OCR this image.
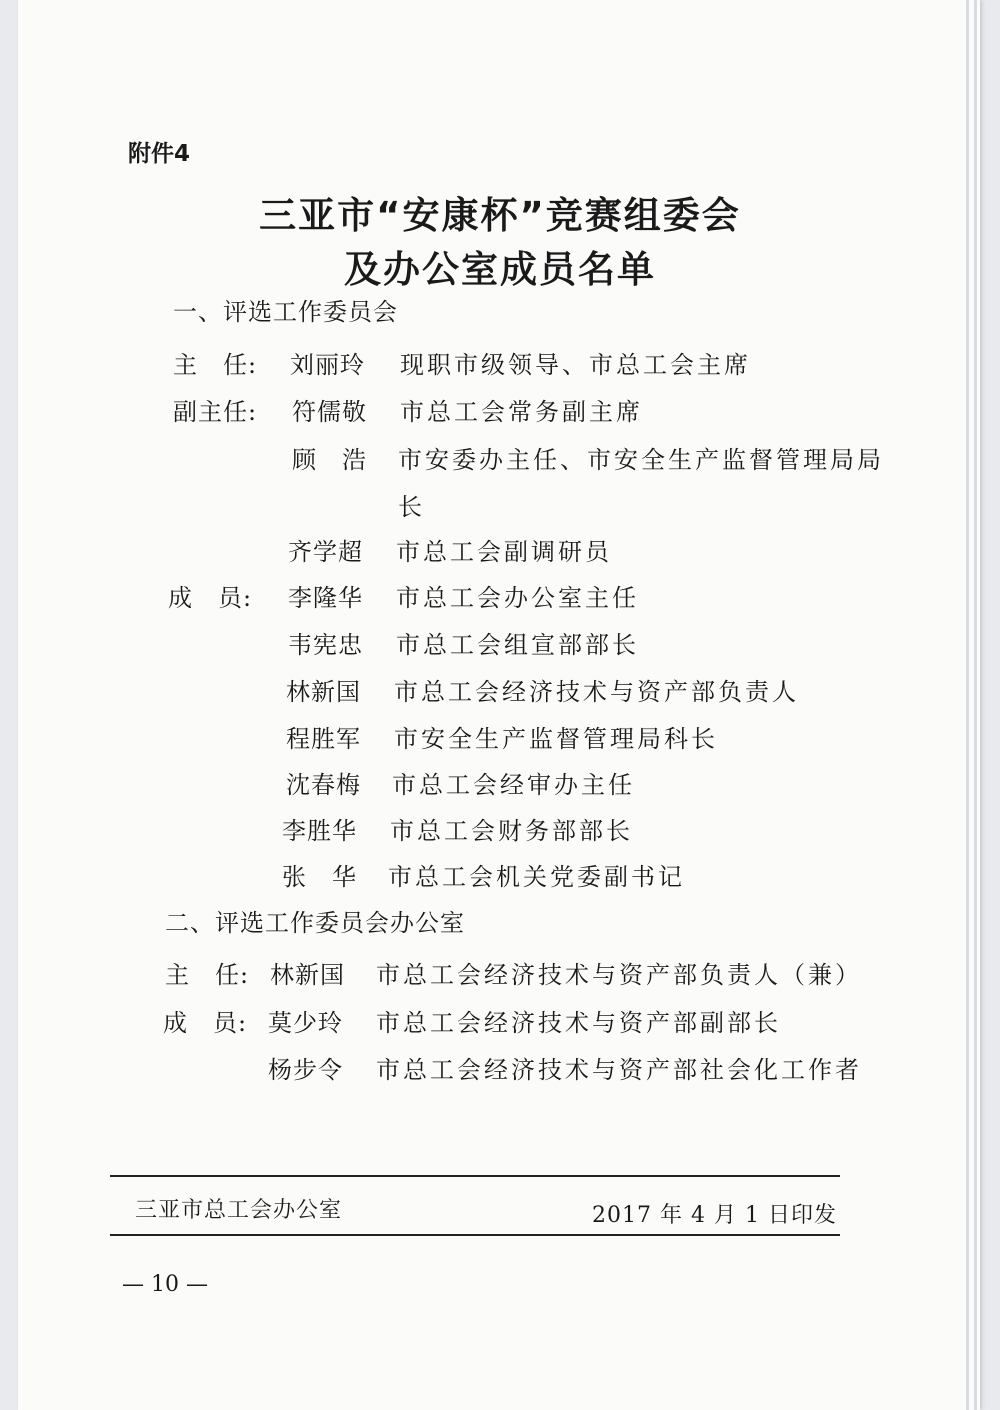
附件4
三亚市“安康杯”竞赛组委会
及办公室成员名单
一、评选工作委员会
主　任: 刘丽玲 现职市级领导、市总工会主席
副主任: 符儒敬 市总工会常务副主席
顾　浩 市安委办主任、市安全生产监督管理局局
长
齐学超 市总工会副调研员
成　员: 李隆华 市总工会办公室主任
韦宪忠 市总工会组宣部部长
林新国 市总工会经济技术与资产部负责人
程胜军 市安全生产监督管理局科长
沈春梅 市总工会经审办主任
李胜华 市总工会财务部部长
张　华 市总工会机关党委副书记
二、评选工作委员会办公室
主　任: 林新国 市总工会经济技术与资产部负责人（兼）
成　员: 莫少玲 市总工会经济技术与资产部副部长
杨步令 市总工会经济技术与资产部社会化工作者
三亚市总工会办公室	2017 年 4 月 1 日印发
— 10 —
